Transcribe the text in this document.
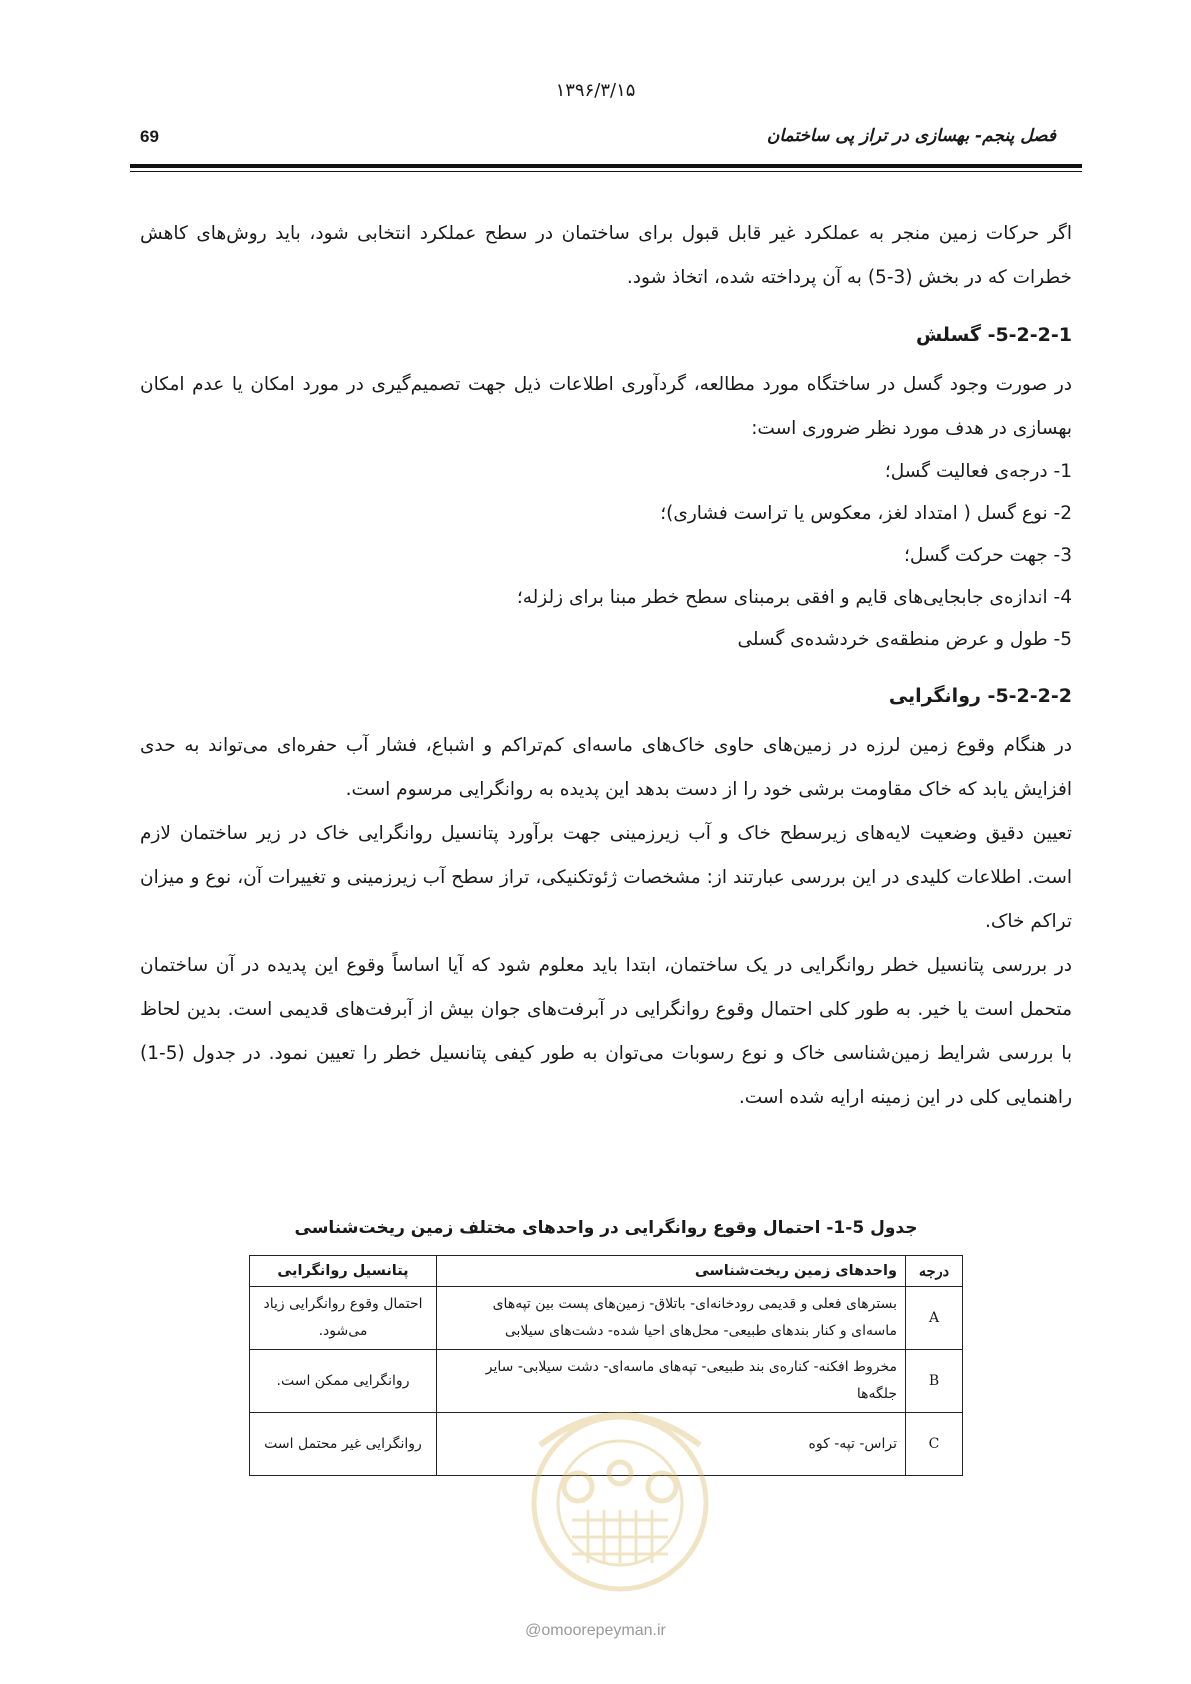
۱۳۹۶/۳/۱۵
فصل پنجم- بهسازی در تراز پی ساختمان
69

اگر حرکات زمین منجر به عملکرد غیر قابل قبول برای ساختمان در سطح عملکرد انتخابی شود، باید روش‌های کاهش خطرات که در بخش (3-5) به آن پرداخته شده، اتخاذ شود.

5-2-2-1- گسلش

در صورت وجود گسل در ساختگاه مورد مطالعه، گردآوری اطلاعات ذیل جهت تصمیم‌گیری در مورد امکان یا عدم امکان بهسازی در هدف مورد نظر ضروری است:

1- درجه‌ی فعالیت گسل؛

2- نوع گسل ( امتداد لغز، معکوس یا تراست فشاری)؛

3- جهت حرکت گسل؛

4- اندازه‌ی جابجایی‌های قایم و افقی برمبنای سطح خطر مبنا برای زلزله؛

5- طول و عرض منطقه‌ی خردشده‌ی گسلی

5-2-2-2- روانگرایی

در هنگام وقوع زمین لرزه در زمین‌های حاوی خاک‌های ماسه‌ای کم‌تراکم و اشباع، فشار آب حفره‌ای می‌تواند به حدی افزایش یابد که خاک مقاومت برشی خود را از دست بدهد این پدیده به روانگرایی مرسوم است.

تعیین دقیق وضعیت لایه‌های زیرسطح خاک و آب زیرزمینی جهت برآورد پتانسیل روانگرایی خاک در زیر ساختمان لازم است. اطلاعات کلیدی در این بررسی عبارتند از: مشخصات ژئوتکنیکی، تراز سطح آب زیرزمینی و تغییرات آن، نوع و میزان تراکم خاک.

در بررسی پتانسیل خطر روانگرایی در یک ساختمان، ابتدا باید معلوم شود که آیا اساساً وقوع این پدیده در آن ساختمان متحمل است یا خیر. به طور کلی احتمال وقوع روانگرایی در آبرفت‌های جوان بیش از آبرفت‌های قدیمی است. بدین لحاظ با بررسی شرایط زمین‌شناسی خاک و نوع رسوبات می‌توان به طور کیفی پتانسیل خطر را تعیین نمود. در جدول (5-1) راهنمایی کلی در این زمینه ارایه شده است.

جدول 5-1- احتمال وقوع روانگرایی در واحدهای مختلف زمین ریخت‌شناسی
درجه	واحدهای زمین ریخت‌شناسی	پتانسیل روانگرایی
A	بسترهای فعلی و قدیمی رودخانه‌ای- باتلاق- زمین‌های پست بین تپه‌های ماسه‌ای و کنار بندهای طبیعی- محل‌های احیا شده- دشت‌های سیلابی	احتمال وقوع روانگرایی زیاد می‌شود.
B	مخروط افکنه- کناره‌ی بند طبیعی- تپه‌های ماسه‌ای- دشت سیلابی- سایر جلگه‌ها	روانگرایی ممکن است.
C	تراس- تپه- کوه	روانگرایی غیر محتمل است
@omoorepeyman.ir
